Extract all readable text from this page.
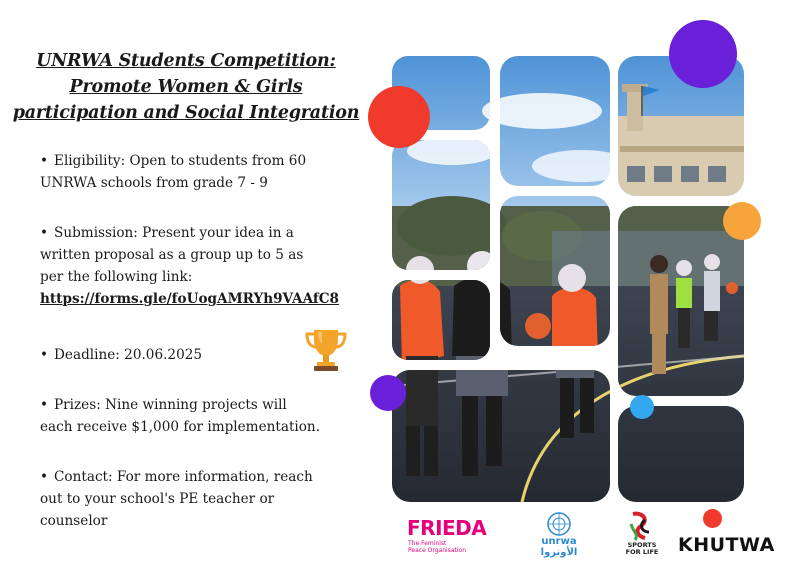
UNRWA Students Competition:
Promote Women & Girls
participation and Social Integration
• Eligibility: Open to students from 60
UNRWA schools from grade 7 - 9
• Submission: Present your idea in a
written proposal as a group up to 5 as
per the following link:
https://forms.gle/foUogAMRYh9VAAfC8
• Deadline: 20.06.2025
• Prizes: Nine winning projects will
each receive $1,000 for implementation.
• Contact: For more information, reach
out to your school's PE teacher or
counselor	FRIEDA
The Feminist
Peace Organisation
unrwa
الأونروا
SPORTS
FOR LIFE	KHUTWA
